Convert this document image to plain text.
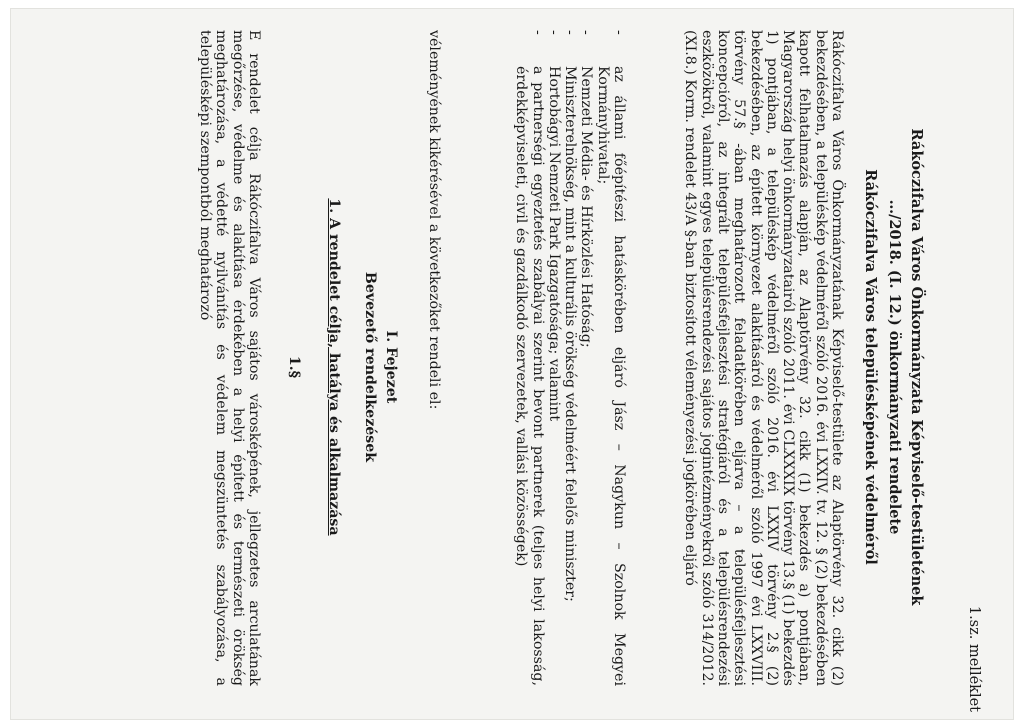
1.sz. melléklet
Rákóczifalva Város Önkormányzata Képviselő-testületének
…/2018. (I. 12.) önkormányzati rendelete
Rákóczifalva Város településképének védelméről

Rákóczifalva Város Önkormányzatának Képviselő-testülete az Alaptörvény 32. cikk (2) bekezdésében, a településkép védelméről szóló 2016. évi LXXIV. tv. 12. § (2) bekezdésében kapott felhatalmazás alapján, az Alaptörvény 32. cikk (1) bekezdés a) pontjában, Magyarország helyi önkormányzatairól szóló 2011. évi CLXXXIX törvény 13.§ (1) bekezdés 1) pontjában, a településkép védelméről szóló 2016. évi LXXIV törvény 2.§ (2) bekezdésében, az épített környezet alakításáról és védelméről szóló 1997 évi LXXVIII. törvény 57.§ -ában meghatározott feladatkörében eljárva – a településfejlesztési koncepcióról, az integrált településfejlesztési stratégiáról és a településrendezési eszközökről, valamint egyes településrendezési sajátos jogintézményekről szóló 314/2012. (XI.8.) Korm. rendelet 43/A §-ban biztosított véleményezési jogkörében eljáró

-
az állami főépítészi hatáskörében eljáró Jász – Nagykun – Szolnok Megyei Kormányhivatal;
-
Nemzeti Média- és Hírközlési Hatóság;
-
Miniszterelnökség, mint a kulturális örökség védelméért felelős miniszter;
-
Hortobágyi Nemzeti Park Igazgatósága; valamint
-
a partnerségi egyeztetés szabályai szerint bevont partnerek (teljes helyi lakosság, érdekképviseleti, civil és gazdálkodó szervezetek, vallási közösségek)

véleményének kikérésével a következőket rendeli el:

I. Fejezet
Bevezető rendelkezések
1. A rendelet célja, hatálya és alkalmazása
1.§

E rendelet célja Rákóczifalva Város sajátos városképének, jellegzetes arculatának megőrzése, védelme és alakítása érdekében a helyi épített és természeti örökség meghatározása, a védetté nyilvánítás és védelem megszüntetés szabályozása, a településképi szempontból meghatározó
